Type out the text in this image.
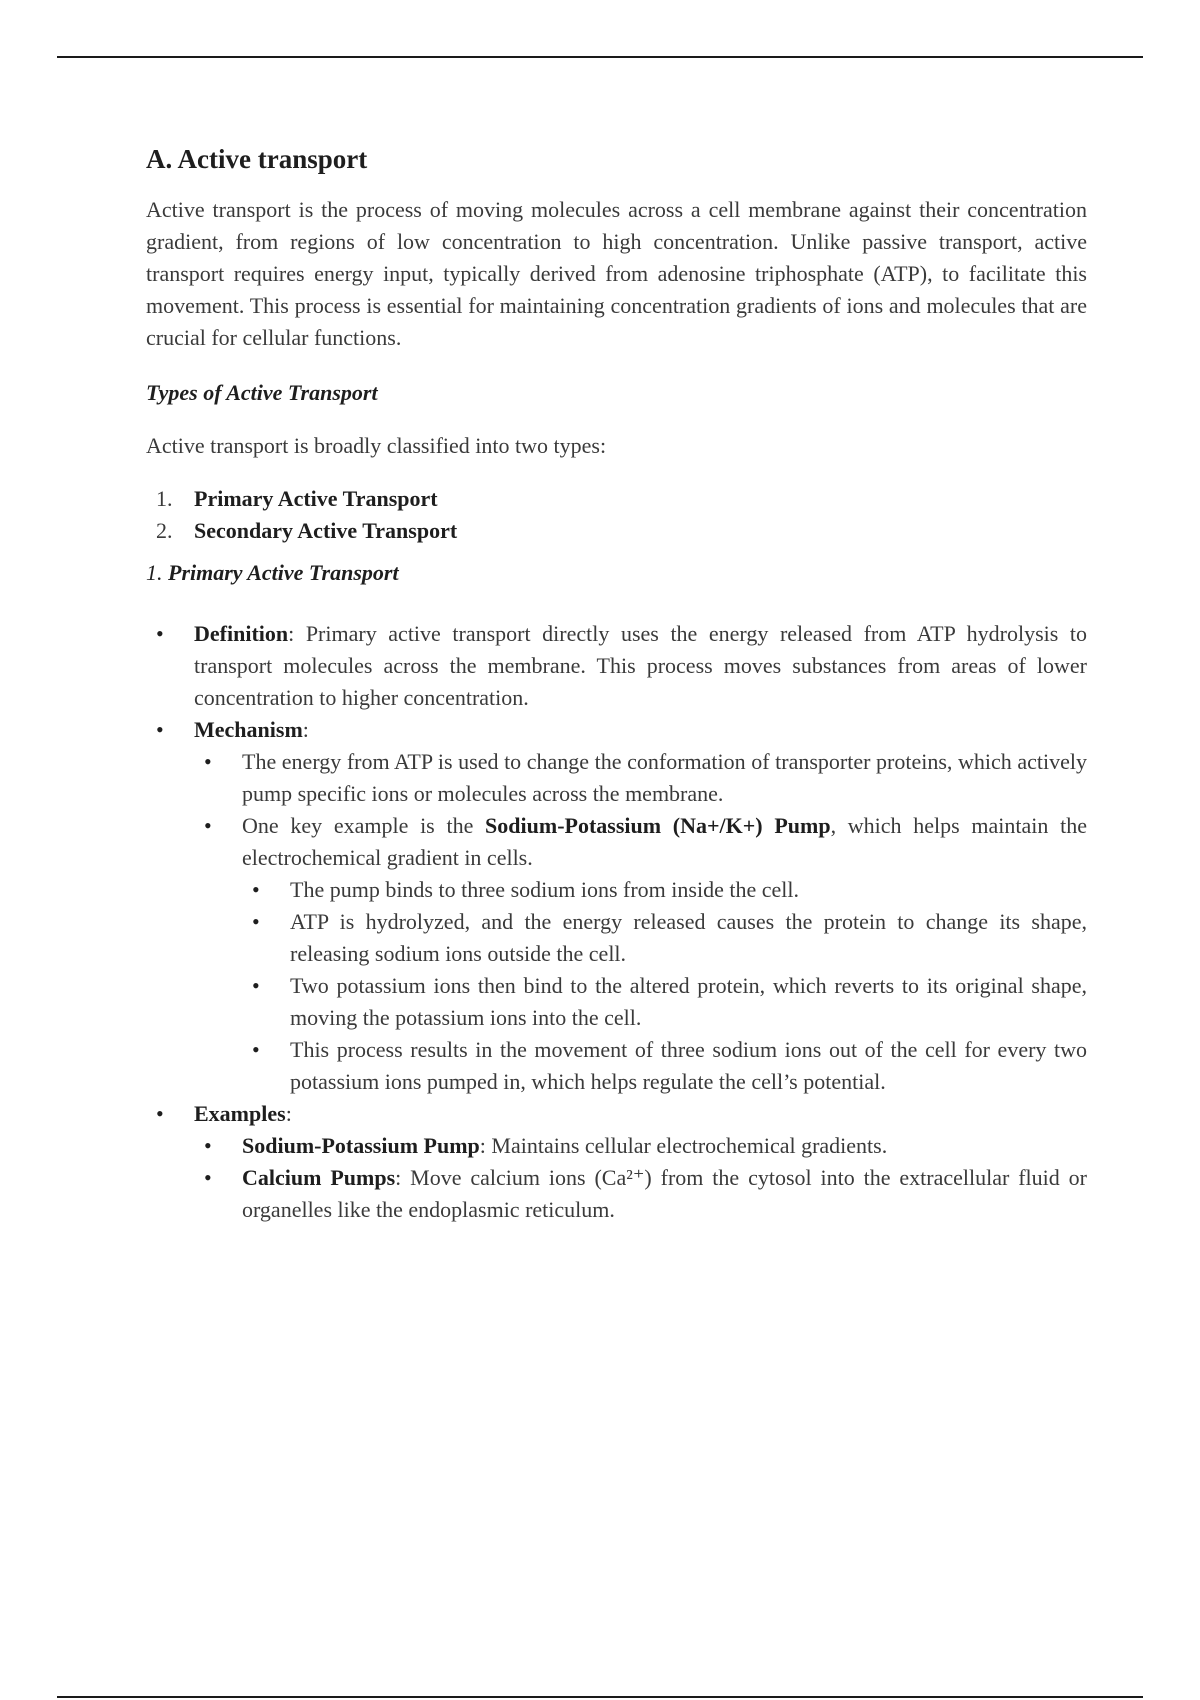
A. Active transport

Active transport is the process of moving molecules across a cell membrane against their concentration gradient, from regions of low concentration to high concentration. Unlike passive transport, active transport requires energy input, typically derived from adenosine triphosphate (ATP), to facilitate this movement. This process is essential for maintaining concentration gradients of ions and molecules that are crucial for cellular functions.

Types of Active Transport

Active transport is broadly classified into two types:

1. Primary Active Transport
2. Secondary Active Transport

1. Primary Active Transport

• Definition: Primary active transport directly uses the energy released from ATP hydrolysis to transport molecules across the membrane. This process moves substances from areas of lower concentration to higher concentration.
• Mechanism:
• The energy from ATP is used to change the conformation of transporter proteins, which actively pump specific ions or molecules across the membrane.
• One key example is the Sodium-Potassium (Na+/K+) Pump, which helps maintain the electrochemical gradient in cells.
• The pump binds to three sodium ions from inside the cell.
• ATP is hydrolyzed, and the energy released causes the protein to change its shape, releasing sodium ions outside the cell.
• Two potassium ions then bind to the altered protein, which reverts to its original shape, moving the potassium ions into the cell.
• This process results in the movement of three sodium ions out of the cell for every two potassium ions pumped in, which helps regulate the cell’s potential.
• Examples:
• Sodium-Potassium Pump: Maintains cellular electrochemical gradients.
• Calcium Pumps: Move calcium ions (Ca²⁺) from the cytosol into the extracellular fluid or organelles like the endoplasmic reticulum.
